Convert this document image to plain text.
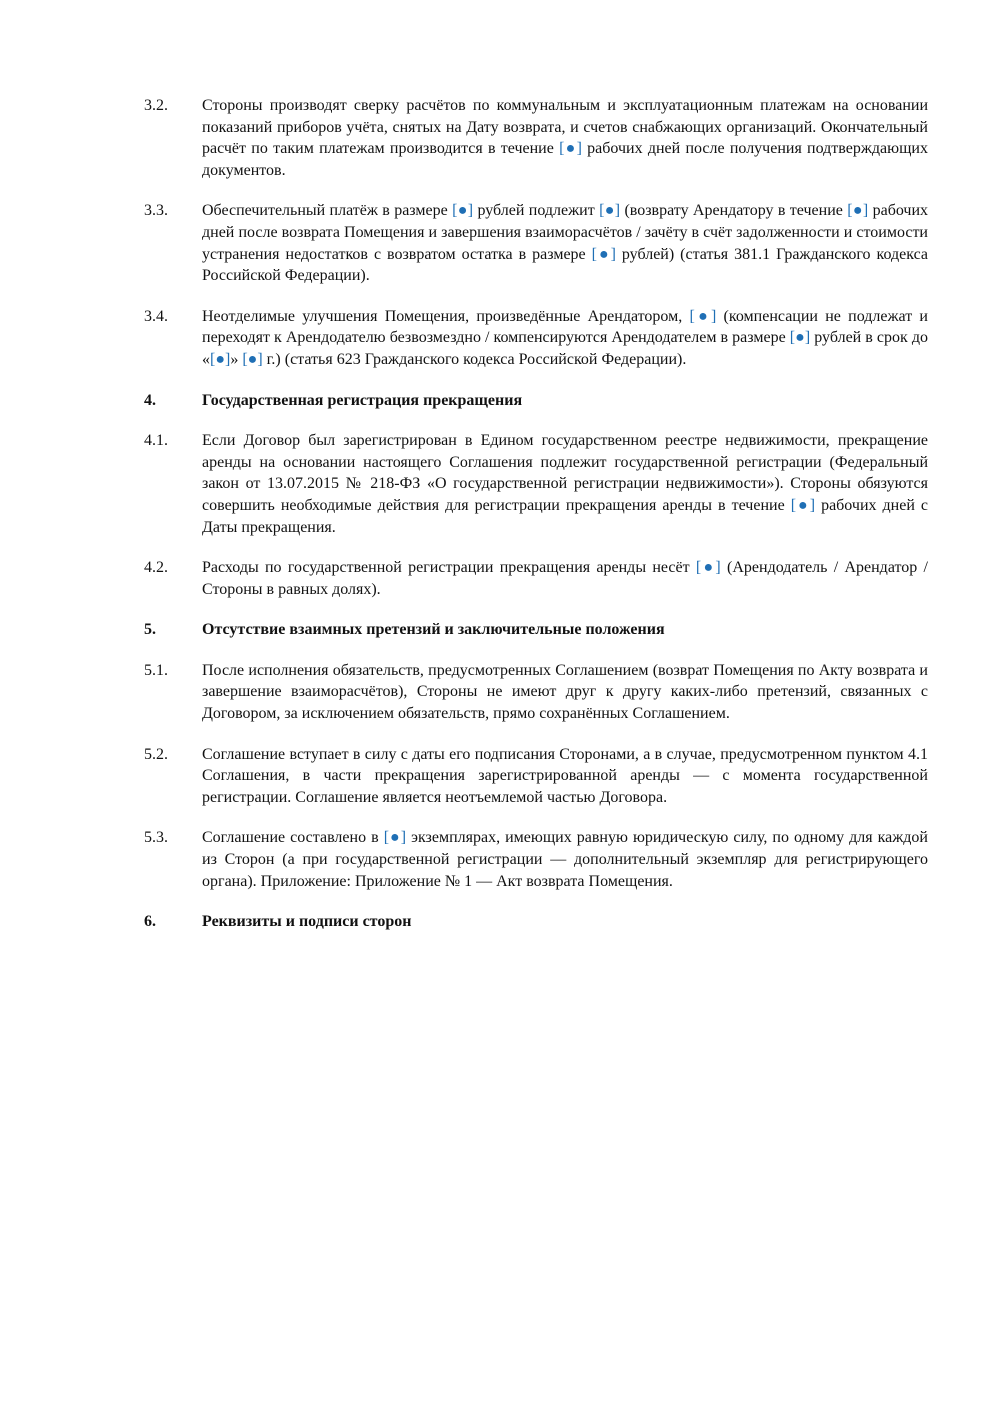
3.2.	Стороны производят сверку расчётов по коммунальным и эксплуатационным платежам на основании показаний приборов учёта, снятых на Дату возврата, и счетов снабжающих организаций. Окончательный расчёт по таким платежам производится в течение [●] рабочих дней после получения подтверждающих документов.
3.3.	Обеспечительный платёж в размере [●] рублей подлежит [●] (возврату Арендатору в течение [●] рабочих дней после возврата Помещения и завершения взаиморасчётов / зачёту в счёт задолженности и стоимости устранения недостатков с возвратом остатка в размере [●] рублей) (статья 381.1 Гражданского кодекса Российской Федерации).
3.4.	Неотделимые улучшения Помещения, произведённые Арендатором, [●] (компенсации не подлежат и переходят к Арендодателю безвозмездно / компенсируются Арендодателем в размере [●] рублей в срок до «[●]» [●] г.) (статья 623 Гражданского кодекса Российской Федерации).
4.	Государственная регистрация прекращения
4.1.	Если Договор был зарегистрирован в Едином государственном реестре недвижимости, прекращение аренды на основании настоящего Соглашения подлежит государственной регистрации (Федеральный закон от 13.07.2015 № 218-ФЗ «О государственной регистрации недвижимости»). Стороны обязуются совершить необходимые действия для регистрации прекращения аренды в течение [●] рабочих дней с Даты прекращения.
4.2.	Расходы по государственной регистрации прекращения аренды несёт [●] (Арендодатель / Арендатор / Стороны в равных долях).
5.	Отсутствие взаимных претензий и заключительные положения
5.1.	После исполнения обязательств, предусмотренных Соглашением (возврат Помещения по Акту возврата и завершение взаиморасчётов), Стороны не имеют друг к другу каких-либо претензий, связанных с Договором, за исключением обязательств, прямо сохранённых Соглашением.
5.2.	Соглашение вступает в силу с даты его подписания Сторонами, а в случае, предусмотренном пунктом 4.1 Соглашения, в части прекращения зарегистрированной аренды — с момента государственной регистрации. Соглашение является неотъемлемой частью Договора.
5.3.	Соглашение составлено в [●] экземплярах, имеющих равную юридическую силу, по одному для каждой из Сторон (а при государственной регистрации — дополнительный экземпляр для регистрирующего органа). Приложение: Приложение № 1 — Акт возврата Помещения.
6.	Реквизиты и подписи сторон
